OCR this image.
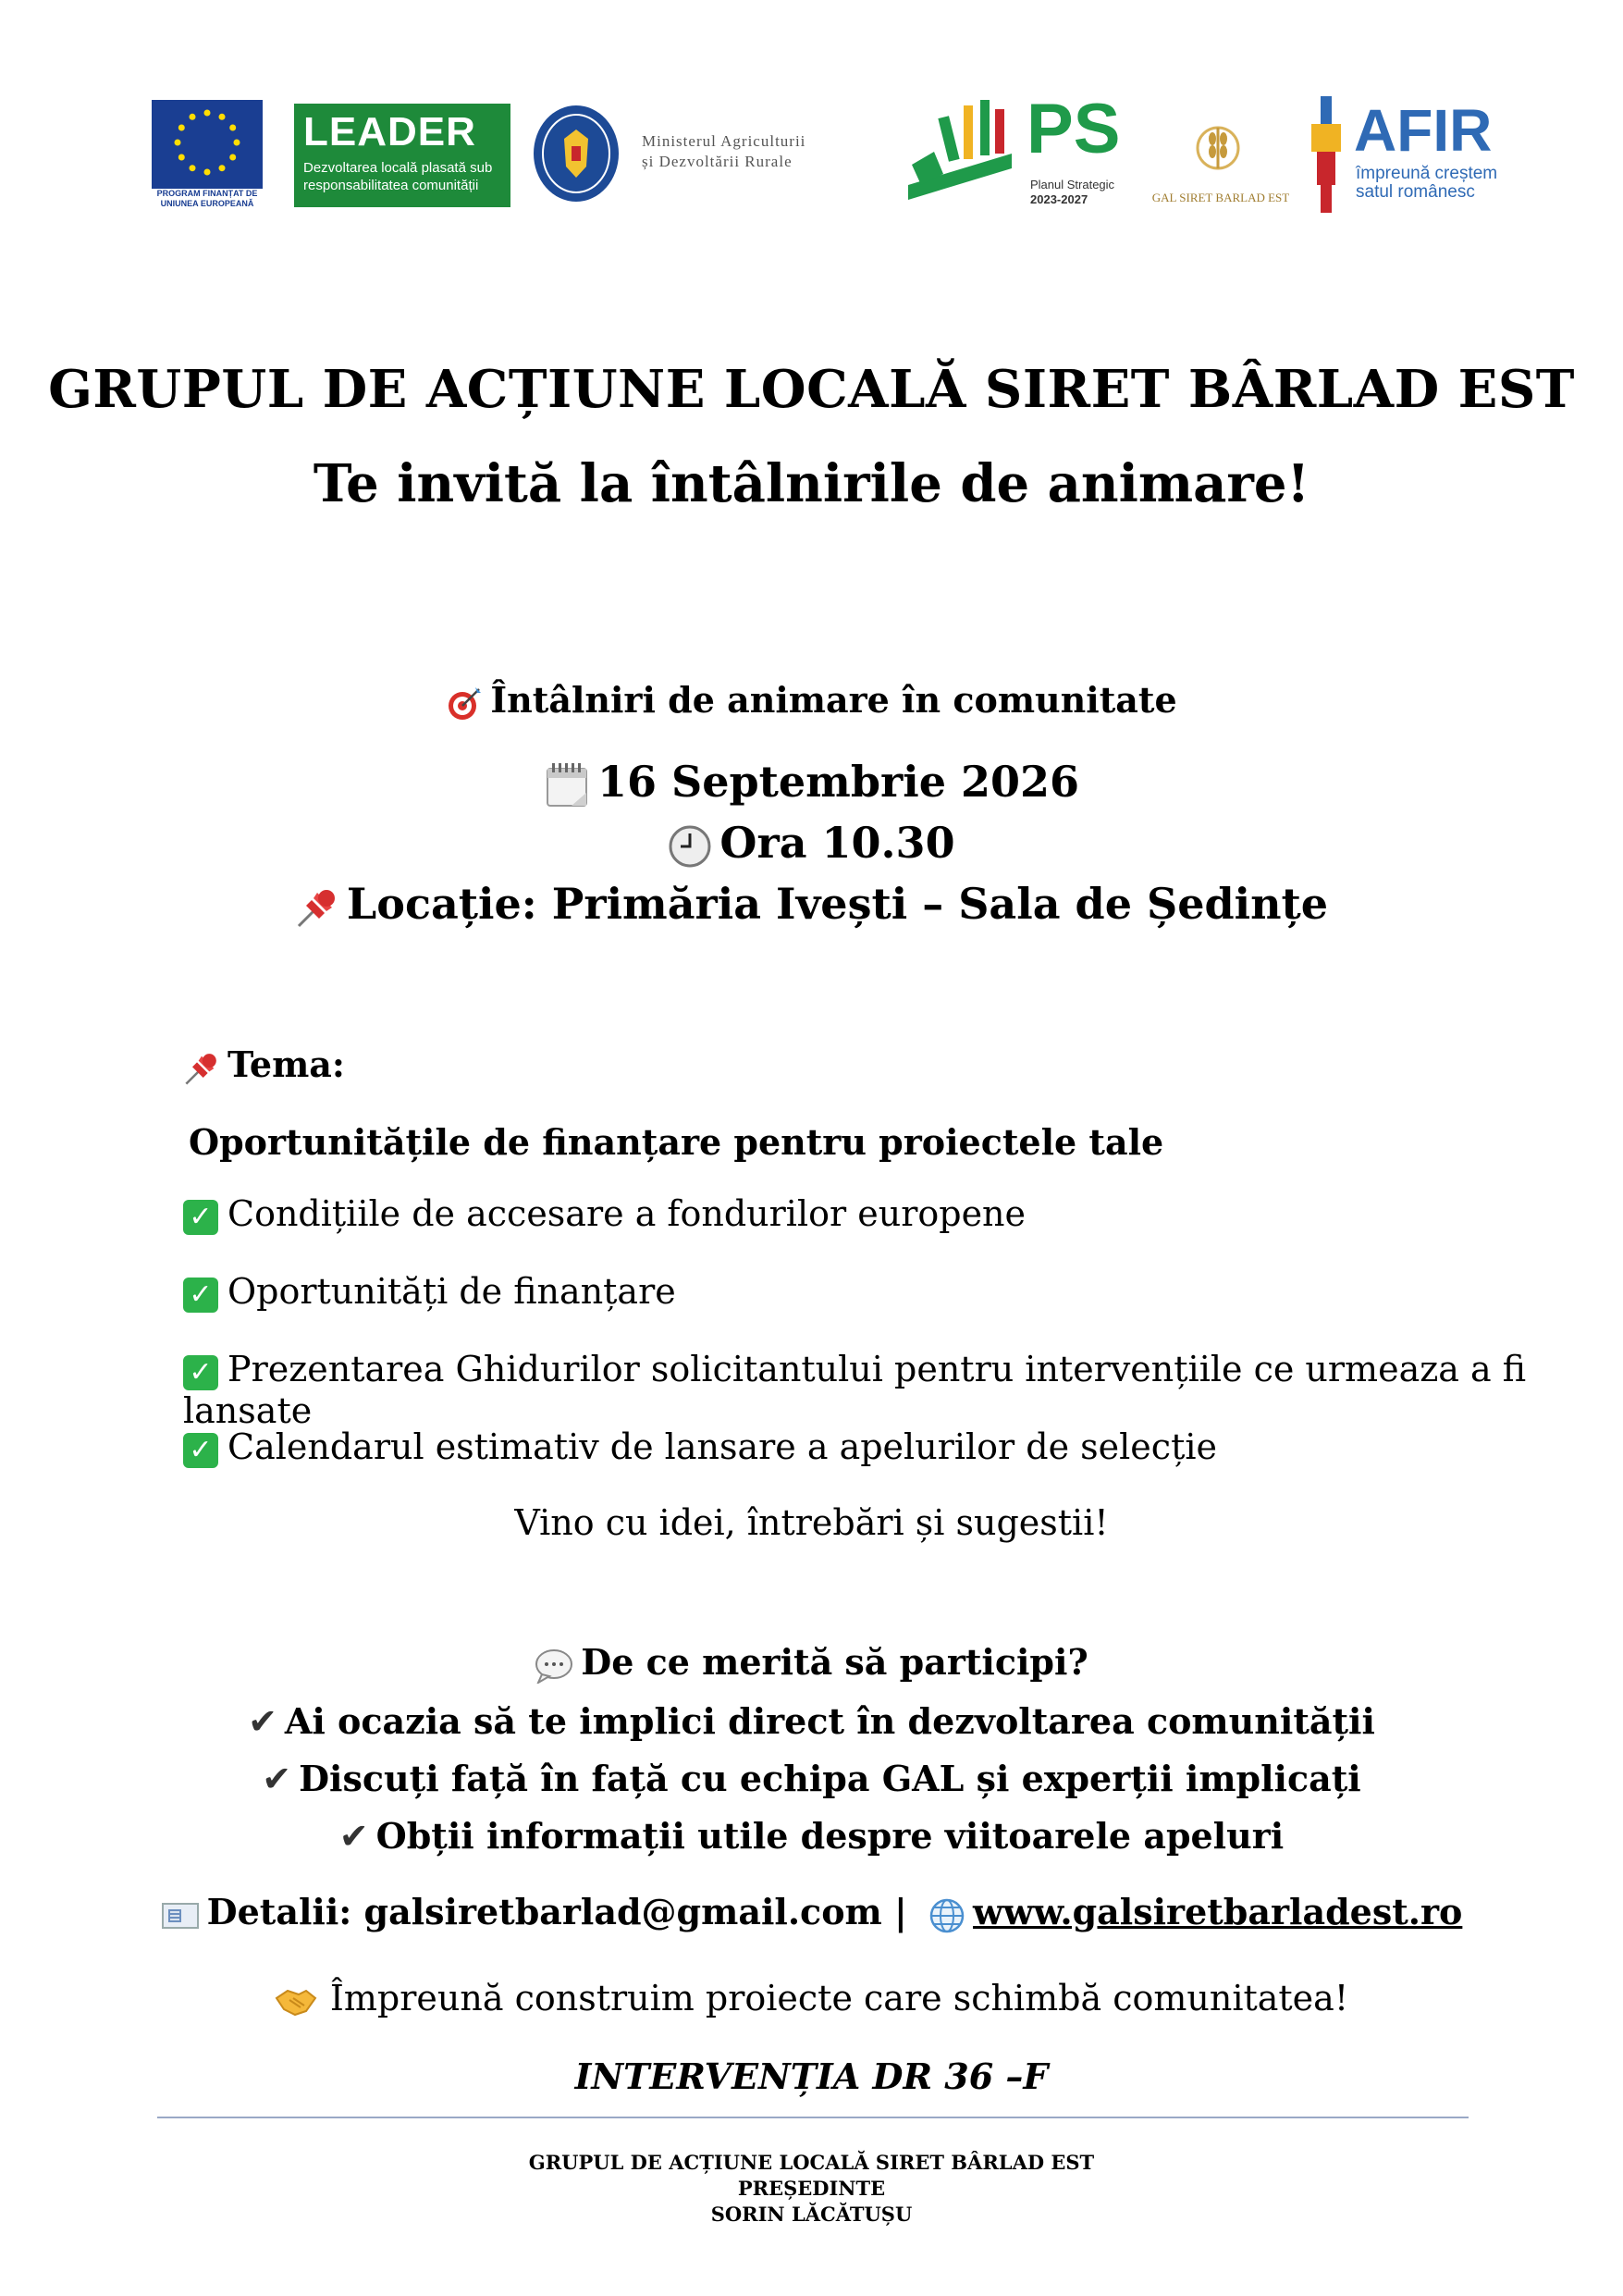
PROGRAM FINANȚAT DE UNIUNEA EUROPEANĂ
LEADER
Dezvoltarea locală plasată sub responsabilitatea comunității
Ministerul Agriculturii
și Dezvoltării Rurale	PS
Planul Strategic
2023-2027	GAL SIRET BARLAD EST
AFIR
împreună creștem
satul românesc
GRUPUL DE ACȚIUNE LOCALĂ SIRET BÂRLAD EST
Te invită la întâlnirile de animare!
Întâlniri de animare în comunitate
16 Septembrie 2026
Ora 10.30
Locație: Primăria Ivești – Sala de Ședințe
Tema:
Oportunitățile de finanțare pentru proiectele tale
✓ Condițiile de accesare a fondurilor europene
✓ Oportunități de finanțare
✓ Prezentarea Ghidurilor solicitantului pentru intervențiile ce urmeaza a fi lansate
✓ Calendarul estimativ de lansare a apelurilor de selecție
Vino cu idei, întrebări și sugestii!
De ce merită să participi?
✔ Ai ocazia să te implici direct în dezvoltarea comunității
✔ Discuți față în față cu echipa GAL și experții implicați
✔ Obții informații utile despre viitoarele apeluri
Detalii: galsiretbarlad@gmail.com | www.galsiretbarladest.ro
Împreună construim proiecte care schimbă comunitatea!
INTERVENȚIA DR 36 –F
GRUPUL DE ACȚIUNE LOCALĂ SIRET BÂRLAD EST
PREȘEDINTE
SORIN LĂCĂTUȘU
